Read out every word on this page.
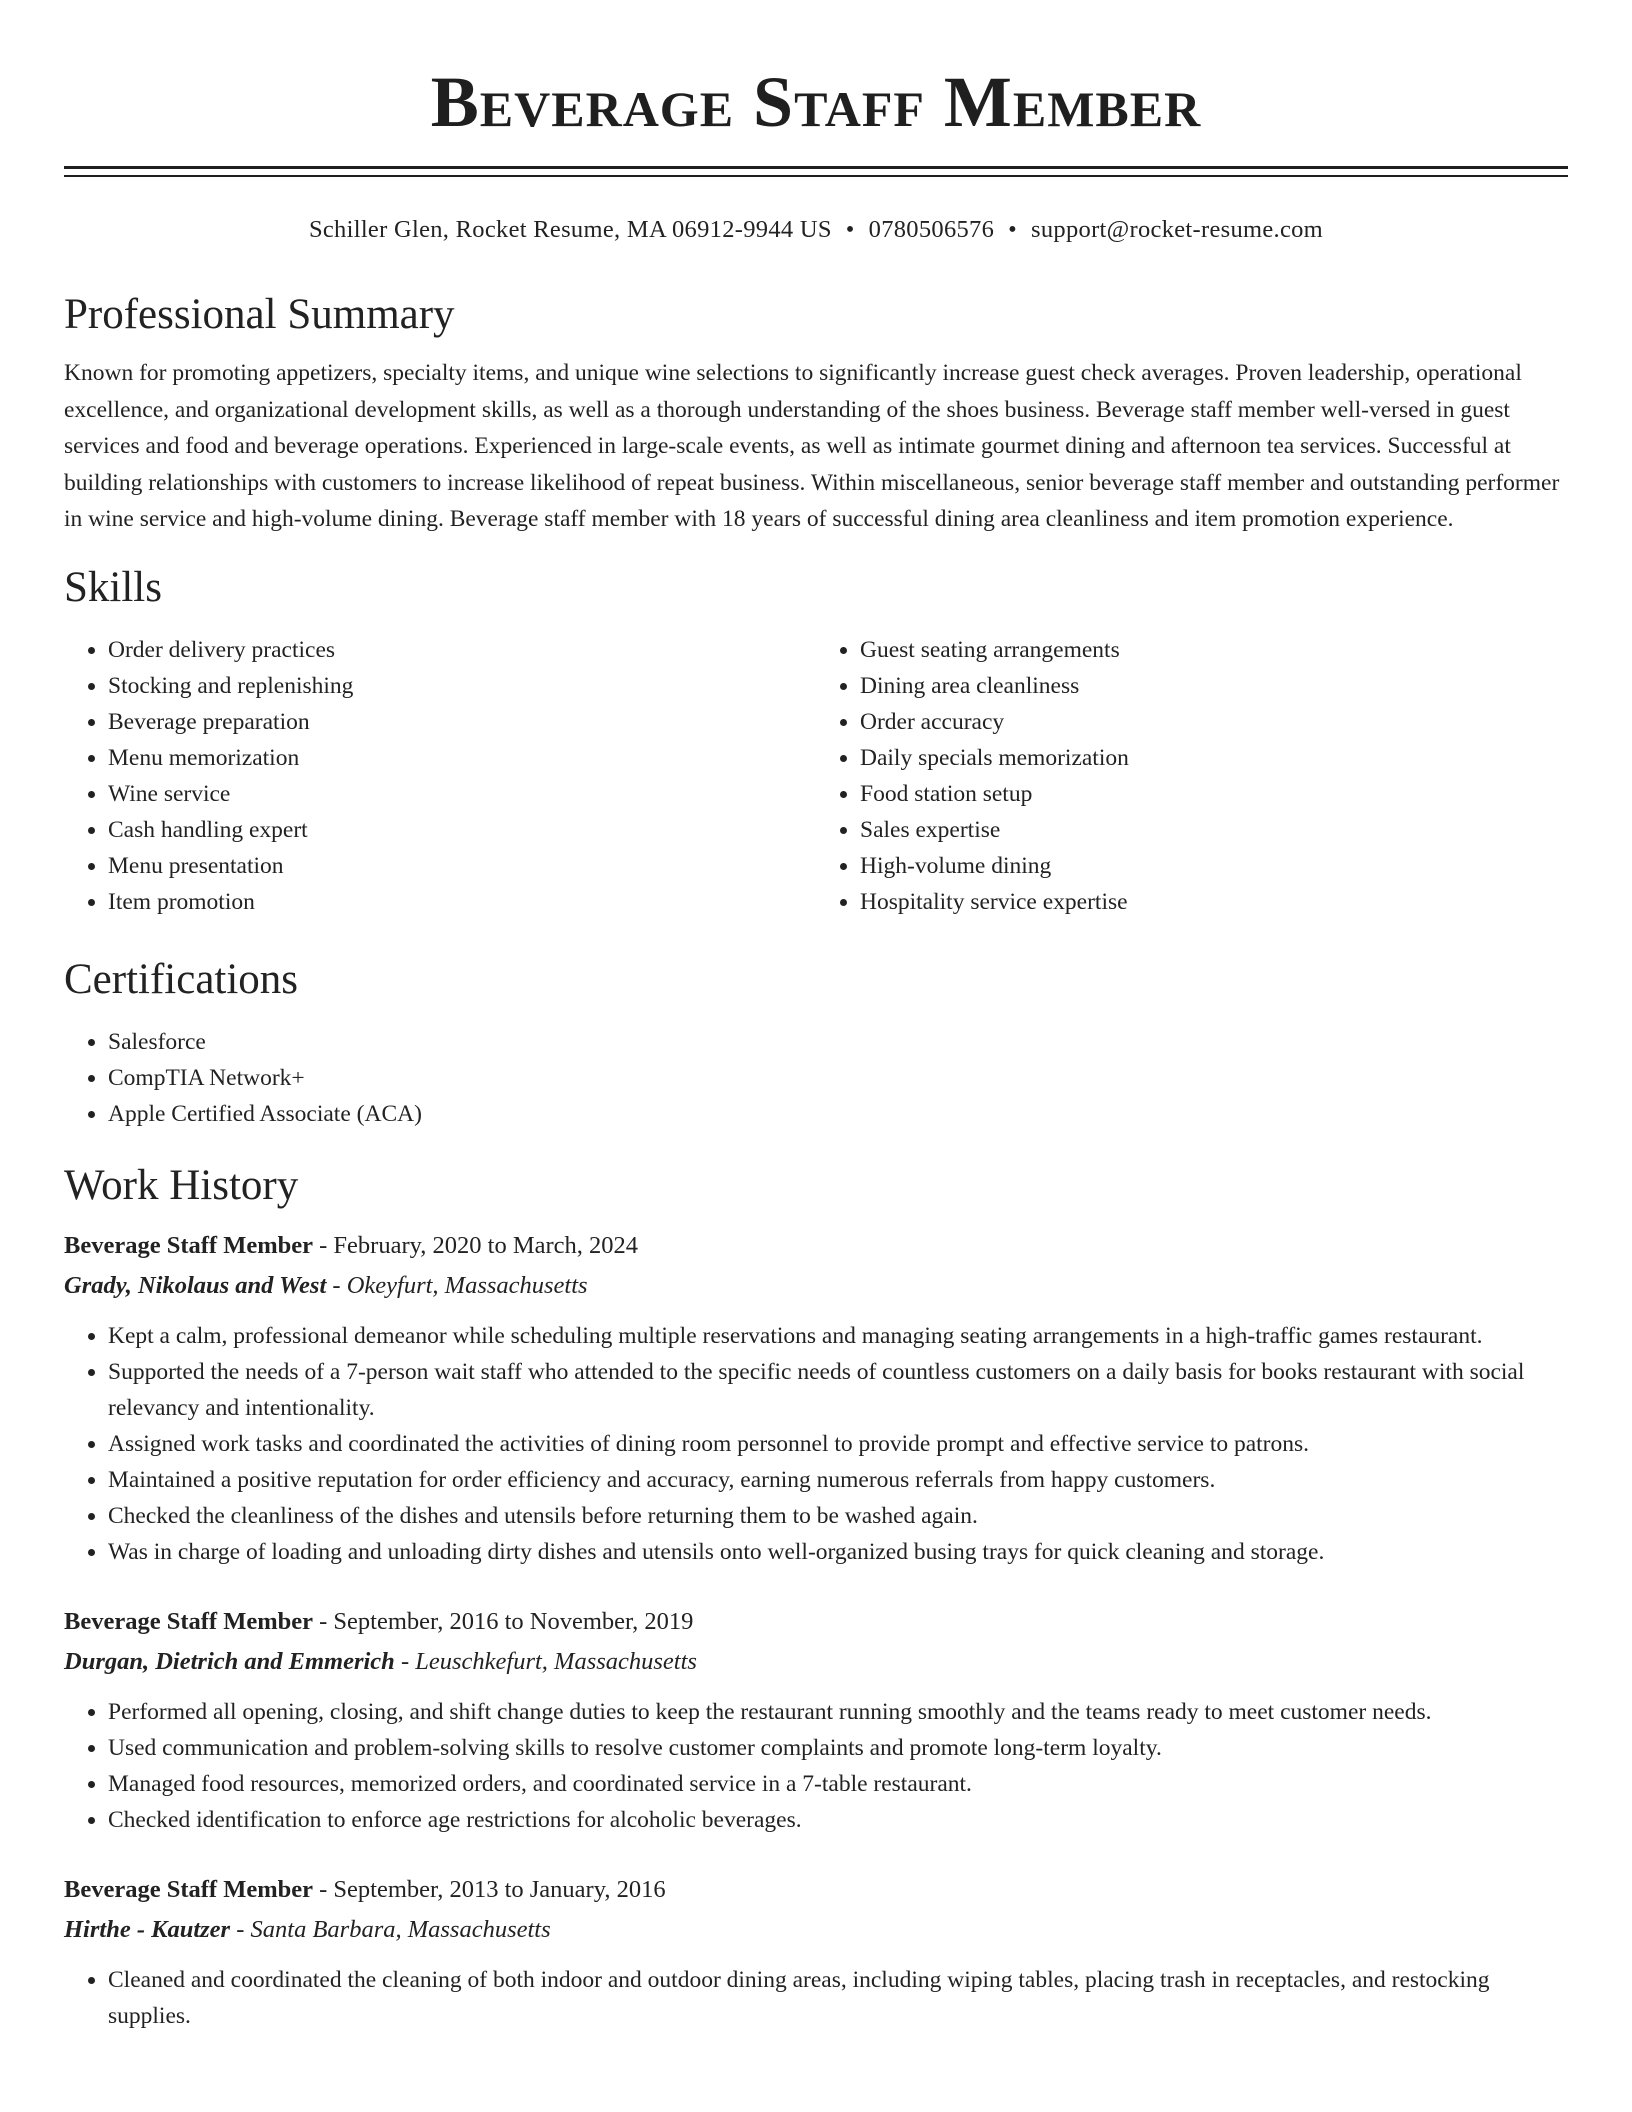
Beverage Staff Member
Schiller Glen, Rocket Resume, MA 06912-9944 US • 0780506576 • support@rocket-resume.com
Professional Summary

Known for promoting appetizers, specialty items, and unique wine selections to significantly increase guest check averages. Proven leadership, operational excellence, and organizational development skills, as well as a thorough understanding of the shoes business. Beverage staff member well-versed in guest services and food and beverage operations. Experienced in large-scale events, as well as intimate gourmet dining and afternoon tea services. Successful at building relationships with customers to increase likelihood of repeat business. Within miscellaneous, senior beverage staff member and outstanding performer in wine service and high-volume dining. Beverage staff member with 18 years of successful dining area cleanliness and item promotion experience.

Skills
• Order delivery practices
• Stocking and replenishing
• Beverage preparation
• Menu memorization
• Wine service
• Cash handling expert
• Menu presentation
• Item promotion
• Guest seating arrangements
• Dining area cleanliness
• Order accuracy
• Daily specials memorization
• Food station setup
• Sales expertise
• High-volume dining
• Hospitality service expertise
Certifications
• Salesforce
• CompTIA Network+
• Apple Certified Associate (ACA)
Work History
Beverage Staff Member - February, 2020 to March, 2024
Grady, Nikolaus and West - Okeyfurt, Massachusetts
• Kept a calm, professional demeanor while scheduling multiple reservations and managing seating arrangements in a high-traffic games restaurant.
• Supported the needs of a 7-person wait staff who attended to the specific needs of countless customers on a daily basis for books restaurant with social relevancy and intentionality.
• Assigned work tasks and coordinated the activities of dining room personnel to provide prompt and effective service to patrons.
• Maintained a positive reputation for order efficiency and accuracy, earning numerous referrals from happy customers.
• Checked the cleanliness of the dishes and utensils before returning them to be washed again.
• Was in charge of loading and unloading dirty dishes and utensils onto well-organized busing trays for quick cleaning and storage.
Beverage Staff Member - September, 2016 to November, 2019
Durgan, Dietrich and Emmerich - Leuschkefurt, Massachusetts
• Performed all opening, closing, and shift change duties to keep the restaurant running smoothly and the teams ready to meet customer needs.
• Used communication and problem-solving skills to resolve customer complaints and promote long-term loyalty.
• Managed food resources, memorized orders, and coordinated service in a 7-table restaurant.
• Checked identification to enforce age restrictions for alcoholic beverages.
Beverage Staff Member - September, 2013 to January, 2016
Hirthe - Kautzer - Santa Barbara, Massachusetts
• Cleaned and coordinated the cleaning of both indoor and outdoor dining areas, including wiping tables, placing trash in receptacles, and restocking supplies.
